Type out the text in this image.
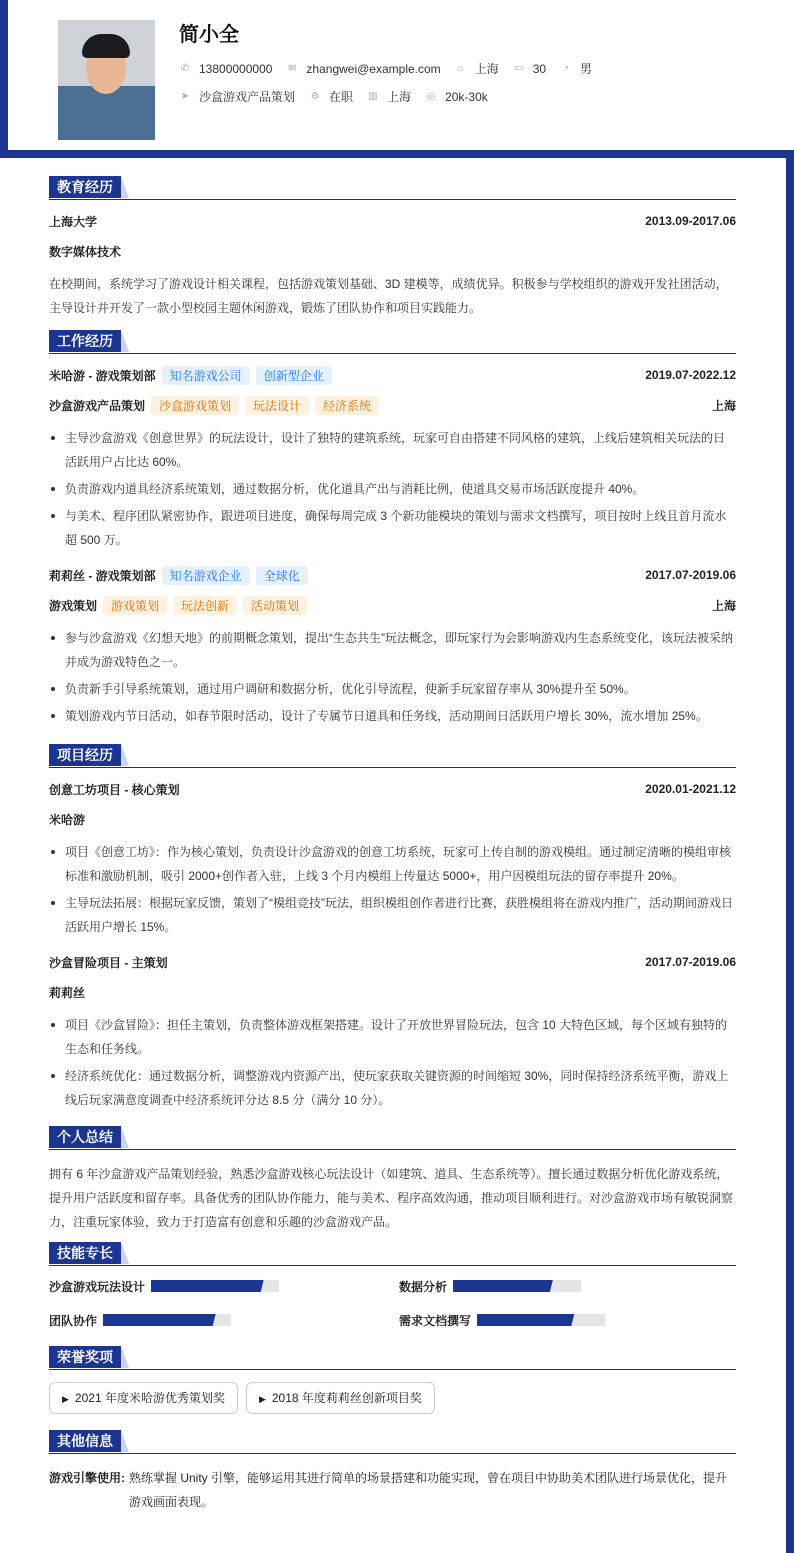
简小全
✆ 13800000000 ✉ zhangwei@example.com ⌂ 上海 ▭ 30 ◔ 男
➤ 沙盒游戏产品策划 ⚙ 在职 ▥ 上海 ◎ 20k-30k
教育经历
上海大学	2013.09-2017.06
数字媒体技术

在校期间，系统学习了游戏设计相关课程，包括游戏策划基础、3D 建模等，成绩优异。积极参与学校组织的游戏开发社团活动，主导设计并开发了一款小型校园主题休闲游戏，锻炼了团队协作和项目实践能力。

工作经历
米哈游 - 游戏策划部	知名游戏公司	创新型企业	2019.07-2022.12
沙盒游戏产品策划	沙盒游戏策划	玩法设计	经济系统	上海
主导沙盒游戏《创意世界》的玩法设计，设计了独特的建筑系统，玩家可自由搭建不同风格的建筑，上线后建筑相关玩法的日活跃用户占比达 60%。
负责游戏内道具经济系统策划，通过数据分析，优化道具产出与消耗比例，使道具交易市场活跃度提升 40%。
与美术、程序团队紧密协作，跟进项目进度，确保每周完成 3 个新功能模块的策划与需求文档撰写，项目按时上线且首月流水超 500 万。
莉莉丝 - 游戏策划部	知名游戏企业	全球化	2017.07-2019.06
游戏策划	游戏策划	玩法创新	活动策划	上海
参与沙盒游戏《幻想天地》的前期概念策划，提出“生态共生”玩法概念，即玩家行为会影响游戏内生态系统变化，该玩法被采纳并成为游戏特色之一。
负责新手引导系统策划，通过用户调研和数据分析，优化引导流程，使新手玩家留存率从 30%提升至 50%。
策划游戏内节日活动，如春节限时活动，设计了专属节日道具和任务线，活动期间日活跃用户增长 30%，流水增加 25%。
项目经历
创意工坊项目 - 核心策划	2020.01-2021.12
米哈游
项目《创意工坊》：作为核心策划，负责设计沙盒游戏的创意工坊系统，玩家可上传自制的游戏模组。通过制定清晰的模组审核标准和激励机制，吸引 2000+创作者入驻，上线 3 个月内模组上传量达 5000+，用户因模组玩法的留存率提升 20%。
主导玩法拓展：根据玩家反馈，策划了“模组竞技”玩法，组织模组创作者进行比赛，获胜模组将在游戏内推广，活动期间游戏日活跃用户增长 15%。
沙盒冒险项目 - 主策划	2017.07-2019.06
莉莉丝
项目《沙盒冒险》：担任主策划，负责整体游戏框架搭建。设计了开放世界冒险玩法，包含 10 大特色区域，每个区域有独特的生态和任务线。
经济系统优化：通过数据分析，调整游戏内资源产出，使玩家获取关键资源的时间缩短 30%，同时保持经济系统平衡，游戏上线后玩家满意度调查中经济系统评分达 8.5 分（满分 10 分）。
个人总结

拥有 6 年沙盒游戏产品策划经验，熟悉沙盒游戏核心玩法设计（如建筑、道具、生态系统等）。擅长通过数据分析优化游戏系统，提升用户活跃度和留存率。具备优秀的团队协作能力，能与美术、程序高效沟通，推动项目顺利进行。对沙盒游戏市场有敏锐洞察力，注重玩家体验，致力于打造富有创意和乐趣的沙盒游戏产品。

技能专长
沙盒游戏玩法设计	数据分析
团队协作	需求文档撰写
荣誉奖项
▶ 2021 年度米哈游优秀策划奖	▶ 2018 年度莉莉丝创新项目奖
其他信息
游戏引擎使用: 熟练掌握 Unity 引擎，能够运用其进行简单的场景搭建和功能实现，曾在项目中协助美术团队进行场景优化，提升游戏画面表现。
